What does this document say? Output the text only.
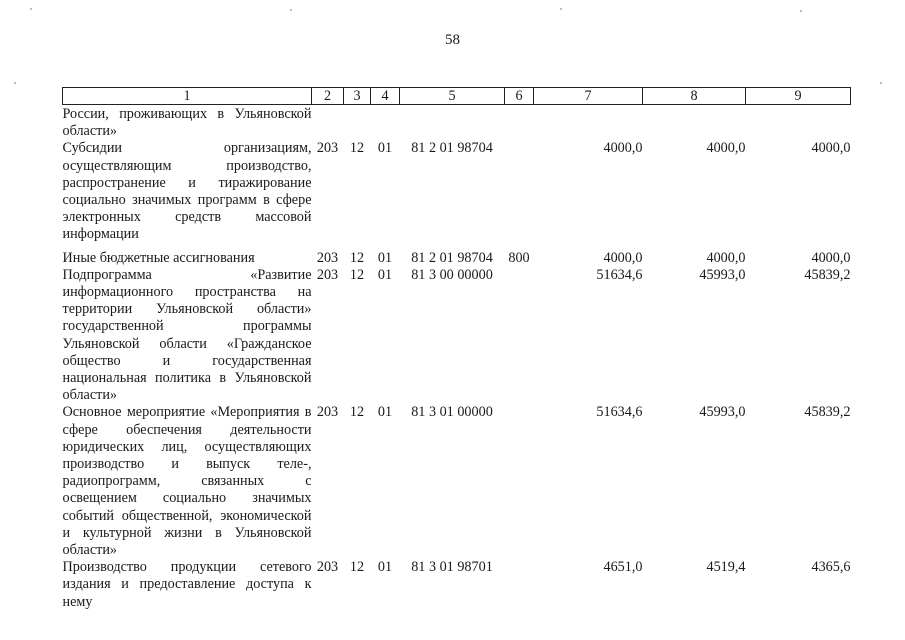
58
1	2	3	4	5	6	7	8	9
России, проживающих в Ульяновской области»								
Субсидии организациям, осуществляющим производство, распространение и тиражирование социально значимых программ в сфере электронных средств массовой информации	203	12	01	81 2 01 98704		4000,0	4000,0	4000,0
Иные бюджетные ассигнования	203	12	01	81 2 01 98704	800	4000,0	4000,0	4000,0
Подпрограмма «Развитие информационного пространства на территории Ульяновской области» государственной программы Ульяновской области «Гражданское общество и государственная национальная политика в Ульяновской области»	203	12	01	81 3 00 00000		51634,6	45993,0	45839,2
Основное мероприятие «Мероприятия в сфере обеспечения деятельности юридических лиц, осуществляющих производство и выпуск теле-, радиопрограмм, связанных с освещением социально значимых событий общественной, экономической и культурной жизни в Ульяновской области»	203	12	01	81 3 01 00000		51634,6	45993,0	45839,2
Производство продукции сетевого издания и предоставление доступа к нему	203	12	01	81 3 01 98701		4651,0	4519,4	4365,6
